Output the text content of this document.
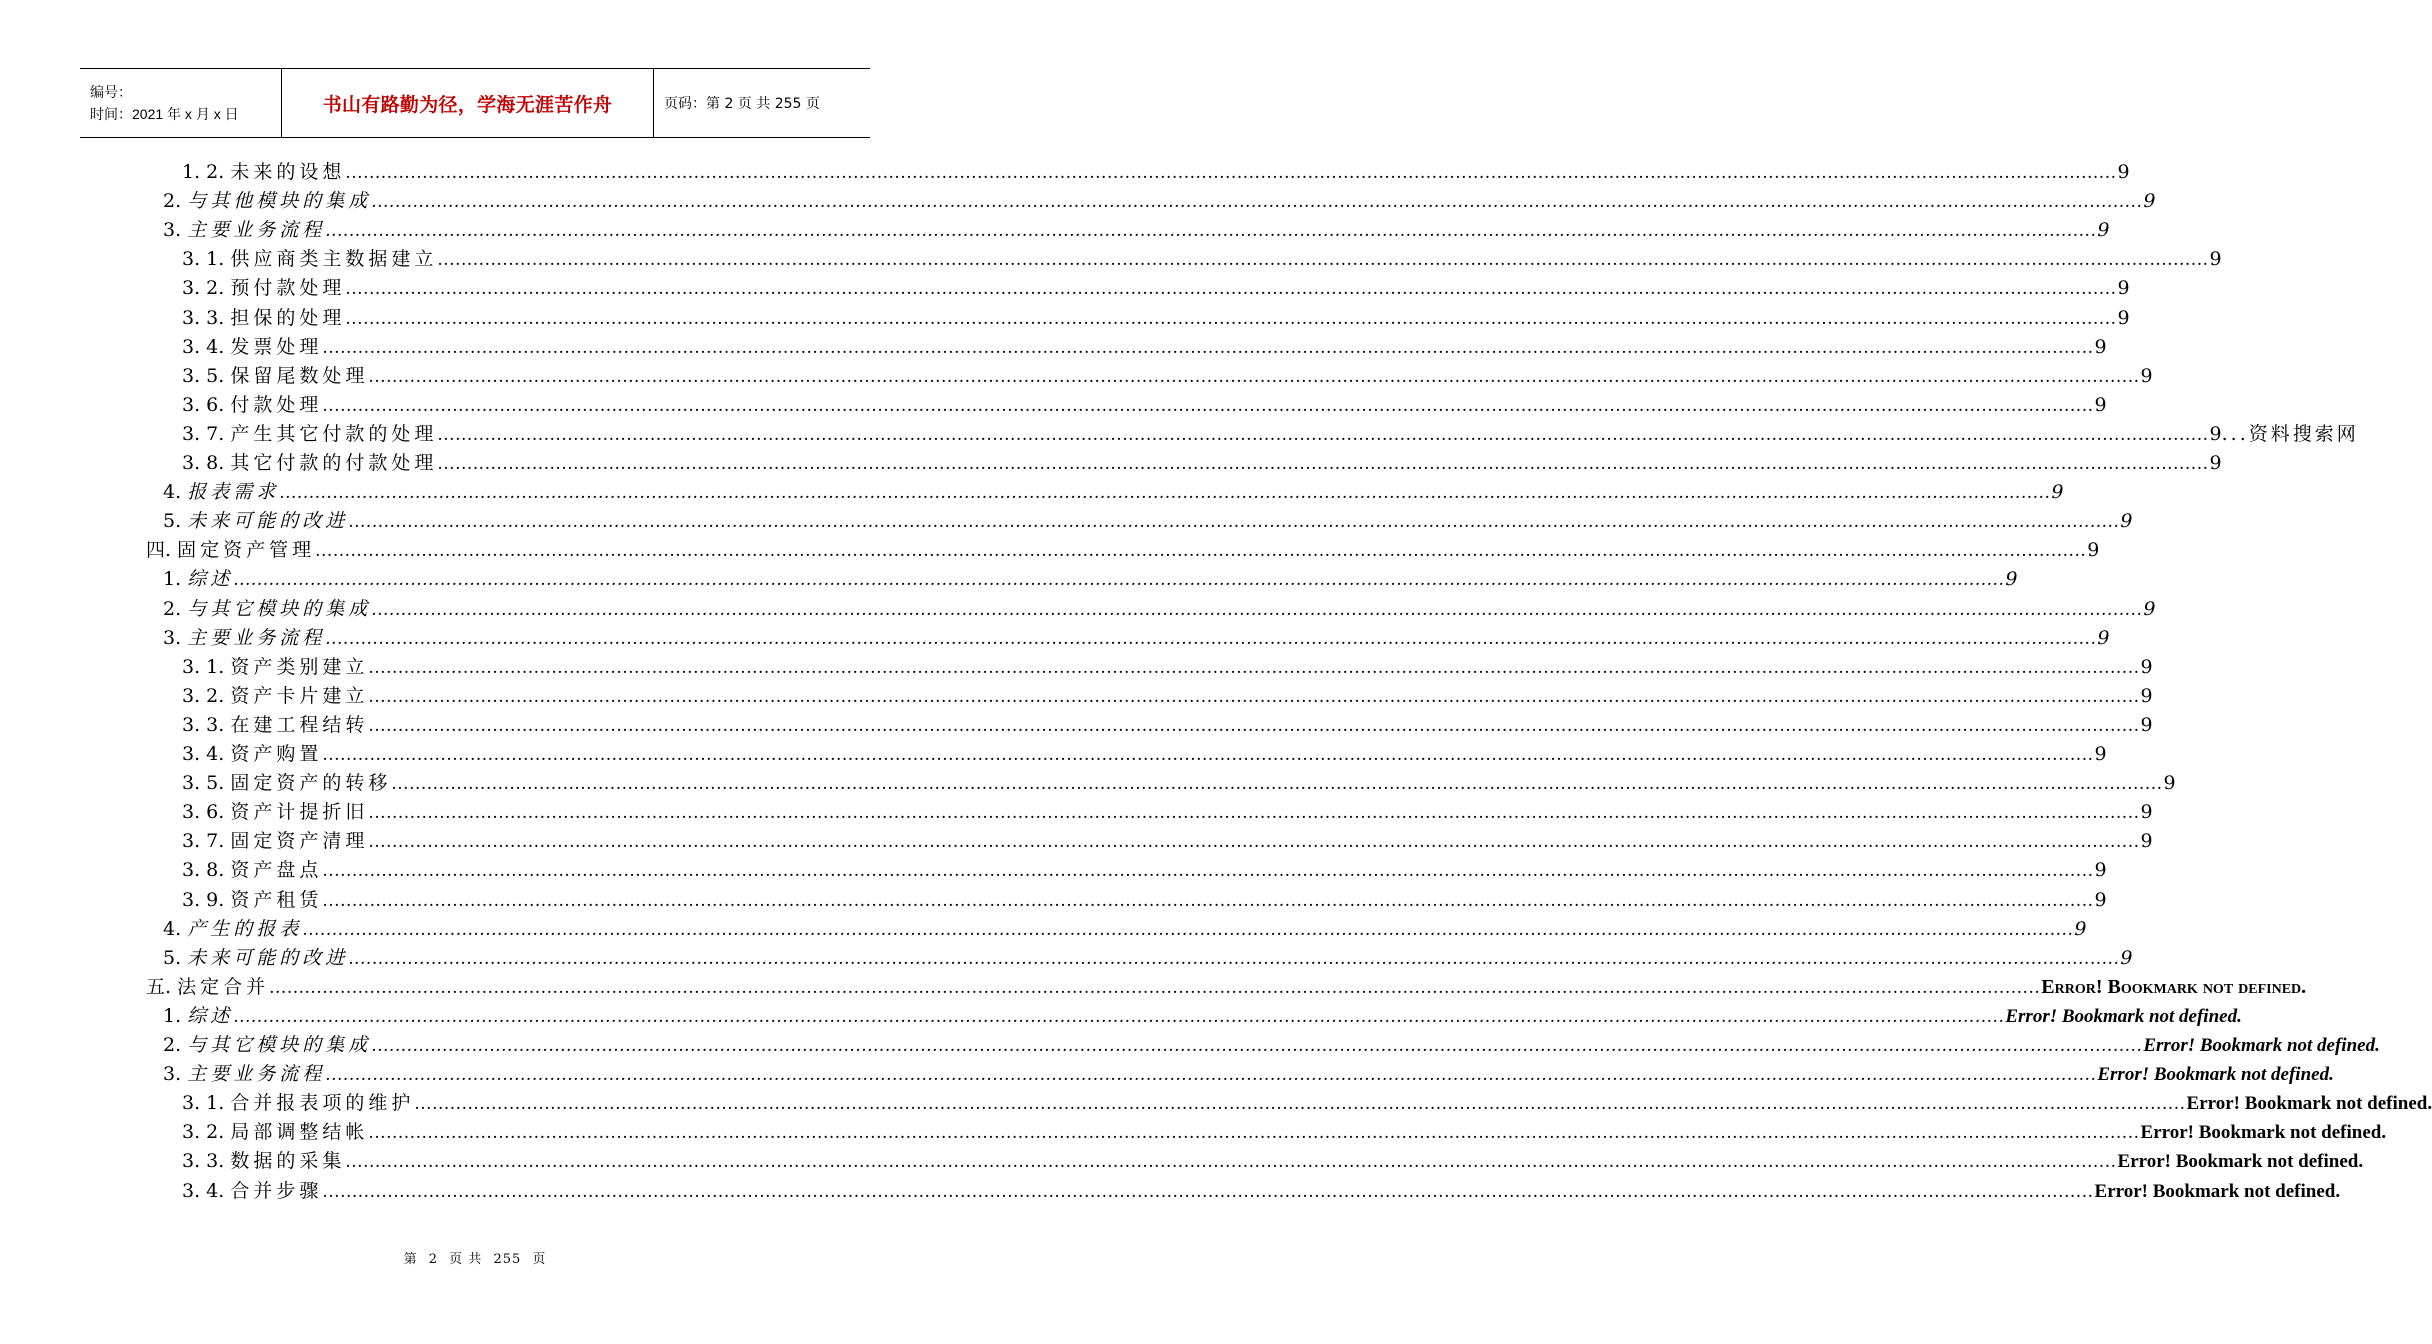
编号：
时间：2021 年 x 月 x 日	书山有路勤为径，学海无涯苦作舟	页码：第 2 页 共 255 页
1. 2.
未来的设想 ............................................................................................................................................................................................................................................................................................................ 9
2.
与其他模块的集成 ............................................................................................................................................................................................................................................................................................................ 9
3.
主要业务流程 ............................................................................................................................................................................................................................................................................................................ 9
3. 1.
供应商类主数据建立 ............................................................................................................................................................................................................................................................................................................ 9
3. 2.
预付款处理 ............................................................................................................................................................................................................................................................................................................ 9
3. 3.
担保的处理 ............................................................................................................................................................................................................................................................................................................ 9
3. 4.
发票处理 ............................................................................................................................................................................................................................................................................................................ 9
3. 5.
保留尾数处理 ............................................................................................................................................................................................................................................................................................................ 9
3. 6.
付款处理 ............................................................................................................................................................................................................................................................................................................ 9
3. 7.
产生其它付款的处理 ............................................................................................................................................................................................................................................................................................................ 9 ...资料搜索网
3. 8.
其它付款的付款处理 ............................................................................................................................................................................................................................................................................................................ 9
4.
报表需求 ............................................................................................................................................................................................................................................................................................................ 9
5.
未来可能的改进 ............................................................................................................................................................................................................................................................................................................ 9
四.
固定资产管理 ............................................................................................................................................................................................................................................................................................................ 9
1.
综述 ............................................................................................................................................................................................................................................................................................................ 9
2.
与其它模块的集成 ............................................................................................................................................................................................................................................................................................................ 9
3.
主要业务流程 ............................................................................................................................................................................................................................................................................................................ 9
3. 1.
资产类别建立 ............................................................................................................................................................................................................................................................................................................ 9
3. 2.
资产卡片建立 ............................................................................................................................................................................................................................................................................................................ 9
3. 3.
在建工程结转 ............................................................................................................................................................................................................................................................................................................ 9
3. 4.
资产购置 ............................................................................................................................................................................................................................................................................................................ 9
3. 5.
固定资产的转移 ............................................................................................................................................................................................................................................................................................................ 9
3. 6.
资产计提折旧 ............................................................................................................................................................................................................................................................................................................ 9
3. 7.
固定资产清理 ............................................................................................................................................................................................................................................................................................................ 9
3. 8.
资产盘点 ............................................................................................................................................................................................................................................................................................................ 9
3. 9.
资产租赁 ............................................................................................................................................................................................................................................................................................................ 9
4.
产生的报表 ............................................................................................................................................................................................................................................................................................................ 9
5.
未来可能的改进 ............................................................................................................................................................................................................................................................................................................ 9
五.
法定合并 ............................................................................................................................................................................................................................................................................................................ Error! Bookmark not defined.
1.
综述 ............................................................................................................................................................................................................................................................................................................ Error! Bookmark not defined.
2.
与其它模块的集成 ............................................................................................................................................................................................................................................................................................................ Error! Bookmark not defined.
3.
主要业务流程 ............................................................................................................................................................................................................................................................................................................ Error! Bookmark not defined.
3. 1.
合并报表项的维护 ............................................................................................................................................................................................................................................................................................................ Error! Bookmark not defined.
3. 2.
局部调整结帐 ............................................................................................................................................................................................................................................................................................................ Error! Bookmark not defined.
3. 3.
数据的采集 ............................................................................................................................................................................................................................................................................................................ Error! Bookmark not defined.
3. 4.
合并步骤 ............................................................................................................................................................................................................................................................................................................ Error! Bookmark not defined.
第 2 页 共 255 页
